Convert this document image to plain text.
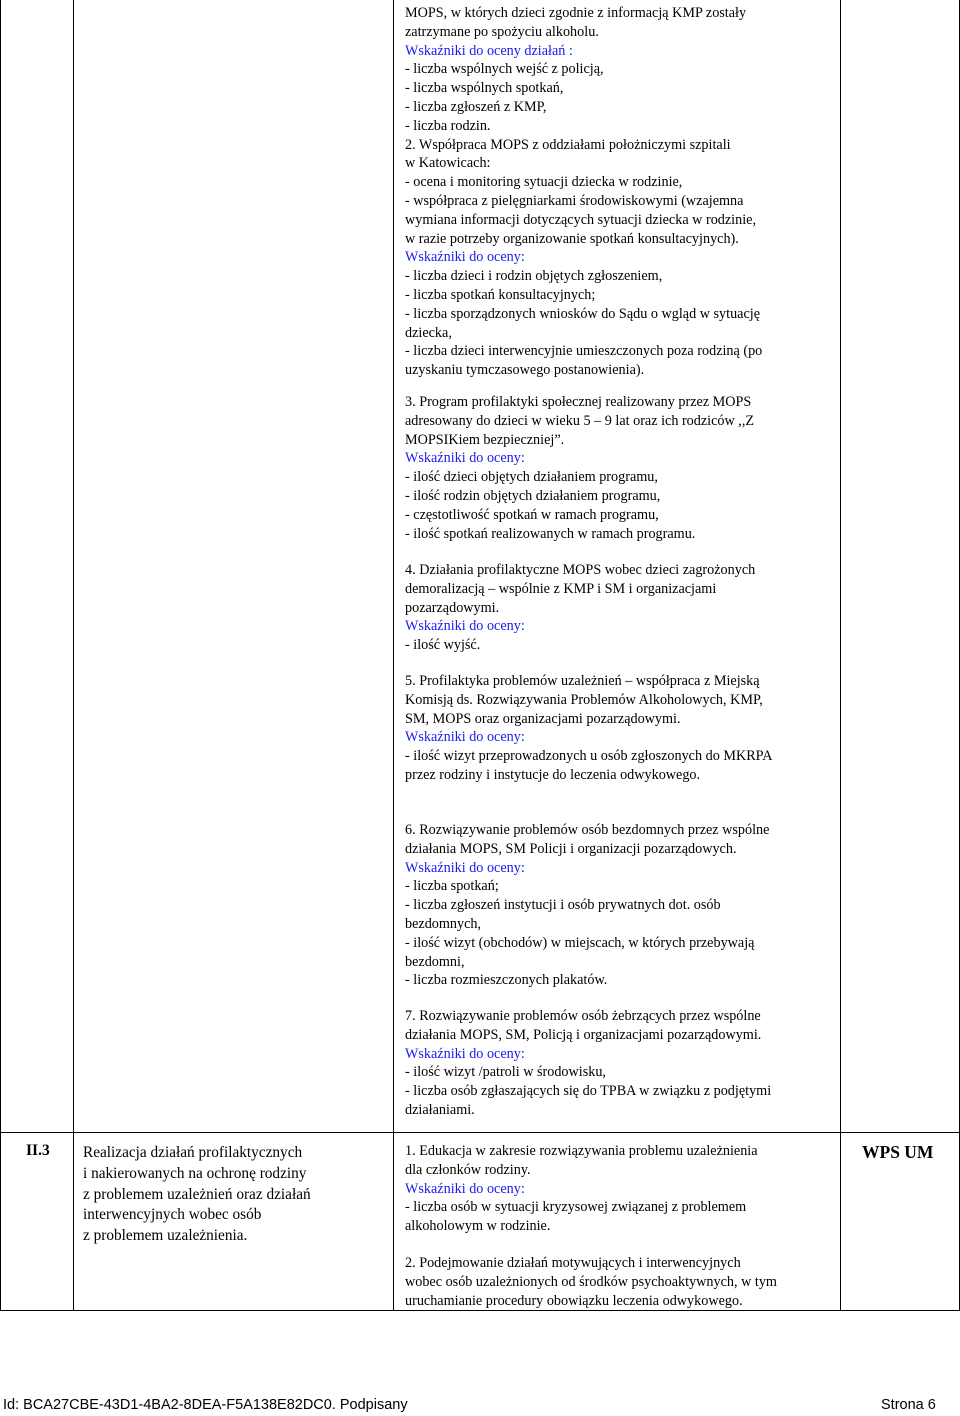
MOPS, w których dzieci zgodnie z informacją KMP zostały
zatrzymane po spożyciu alkoholu.
Wskaźniki do oceny działań :
- liczba wspólnych wejść z policją,
- liczba wspólnych spotkań,
- liczba zgłoszeń z KMP,
- liczba rodzin.
2. Współpraca MOPS z oddziałami położniczymi szpitali
w Katowicach:
- ocena i monitoring sytuacji dziecka w rodzinie,
- współpraca z pielęgniarkami środowiskowymi (wzajemna
wymiana informacji dotyczących sytuacji dziecka w rodzinie,
w razie potrzeby organizowanie spotkań konsultacyjnych).
Wskaźniki do oceny:
- liczba dzieci i rodzin objętych zgłoszeniem,
- liczba spotkań konsultacyjnych;
- liczba sporządzonych wniosków do Sądu o wgląd w sytuację
dziecka,
- liczba dzieci interwencyjnie umieszczonych poza rodziną (po
uzyskaniu tymczasowego postanowienia).
3. Program profilaktyki społecznej realizowany przez MOPS
adresowany do dzieci w wieku 5 – 9 lat oraz ich rodziców ,,Z
MOPSIKiem bezpieczniej”.
Wskaźniki do oceny:
- ilość dzieci objętych działaniem programu,
- ilość rodzin objętych działaniem programu,
- częstotliwość spotkań w ramach programu,
- ilość spotkań realizowanych w ramach programu.
4. Działania profilaktyczne MOPS wobec dzieci zagrożonych
demoralizacją – wspólnie z KMP i SM i organizacjami
pozarządowymi.
Wskaźniki do oceny:
- ilość wyjść.
5. Profilaktyka problemów uzależnień – współpraca z Miejską
Komisją ds. Rozwiązywania Problemów Alkoholowych, KMP,
SM, MOPS oraz organizacjami pozarządowymi.
Wskaźniki do oceny:
- ilość wizyt przeprowadzonych u osób zgłoszonych do MKRPA
przez rodziny i instytucje do leczenia odwykowego.
6. Rozwiązywanie problemów osób bezdomnych przez wspólne
działania MOPS, SM Policji i organizacji pozarządowych.
Wskaźniki do oceny:
- liczba spotkań;
- liczba zgłoszeń instytucji i osób prywatnych dot. osób
bezdomnych,
- ilość wizyt (obchodów) w miejscach, w których przebywają
bezdomni,
- liczba rozmieszczonych plakatów.
7. Rozwiązywanie problemów osób żebrzących przez wspólne
działania MOPS, SM, Policją i organizacjami pozarządowymi.
Wskaźniki do oceny:
- ilość wizyt /patroli w środowisku,
- liczba osób zgłaszających się do TPBA w związku z podjętymi
działaniami.
1. Edukacja w zakresie rozwiązywania problemu uzależnienia
dla członków rodziny.
Wskaźniki do oceny:
- liczba osób w sytuacji kryzysowej związanej z problemem
alkoholowym w rodzinie.
2. Podejmowanie działań motywujących i interwencyjnych
wobec osób uzależnionych od środków psychoaktywnych, w tym
uruchamianie procedury obowiązku leczenia odwykowego.
II.3 Realizacja działań profilaktycznych
i nakierowanych na ochronę rodziny
z problemem uzależnień oraz działań
interwencyjnych wobec osób
z problemem uzależnienia.
WPS UM
Id: BCA27CBE-43D1-4BA2-8DEA-F5A138E82DC0. Podpisany	Strona 6
